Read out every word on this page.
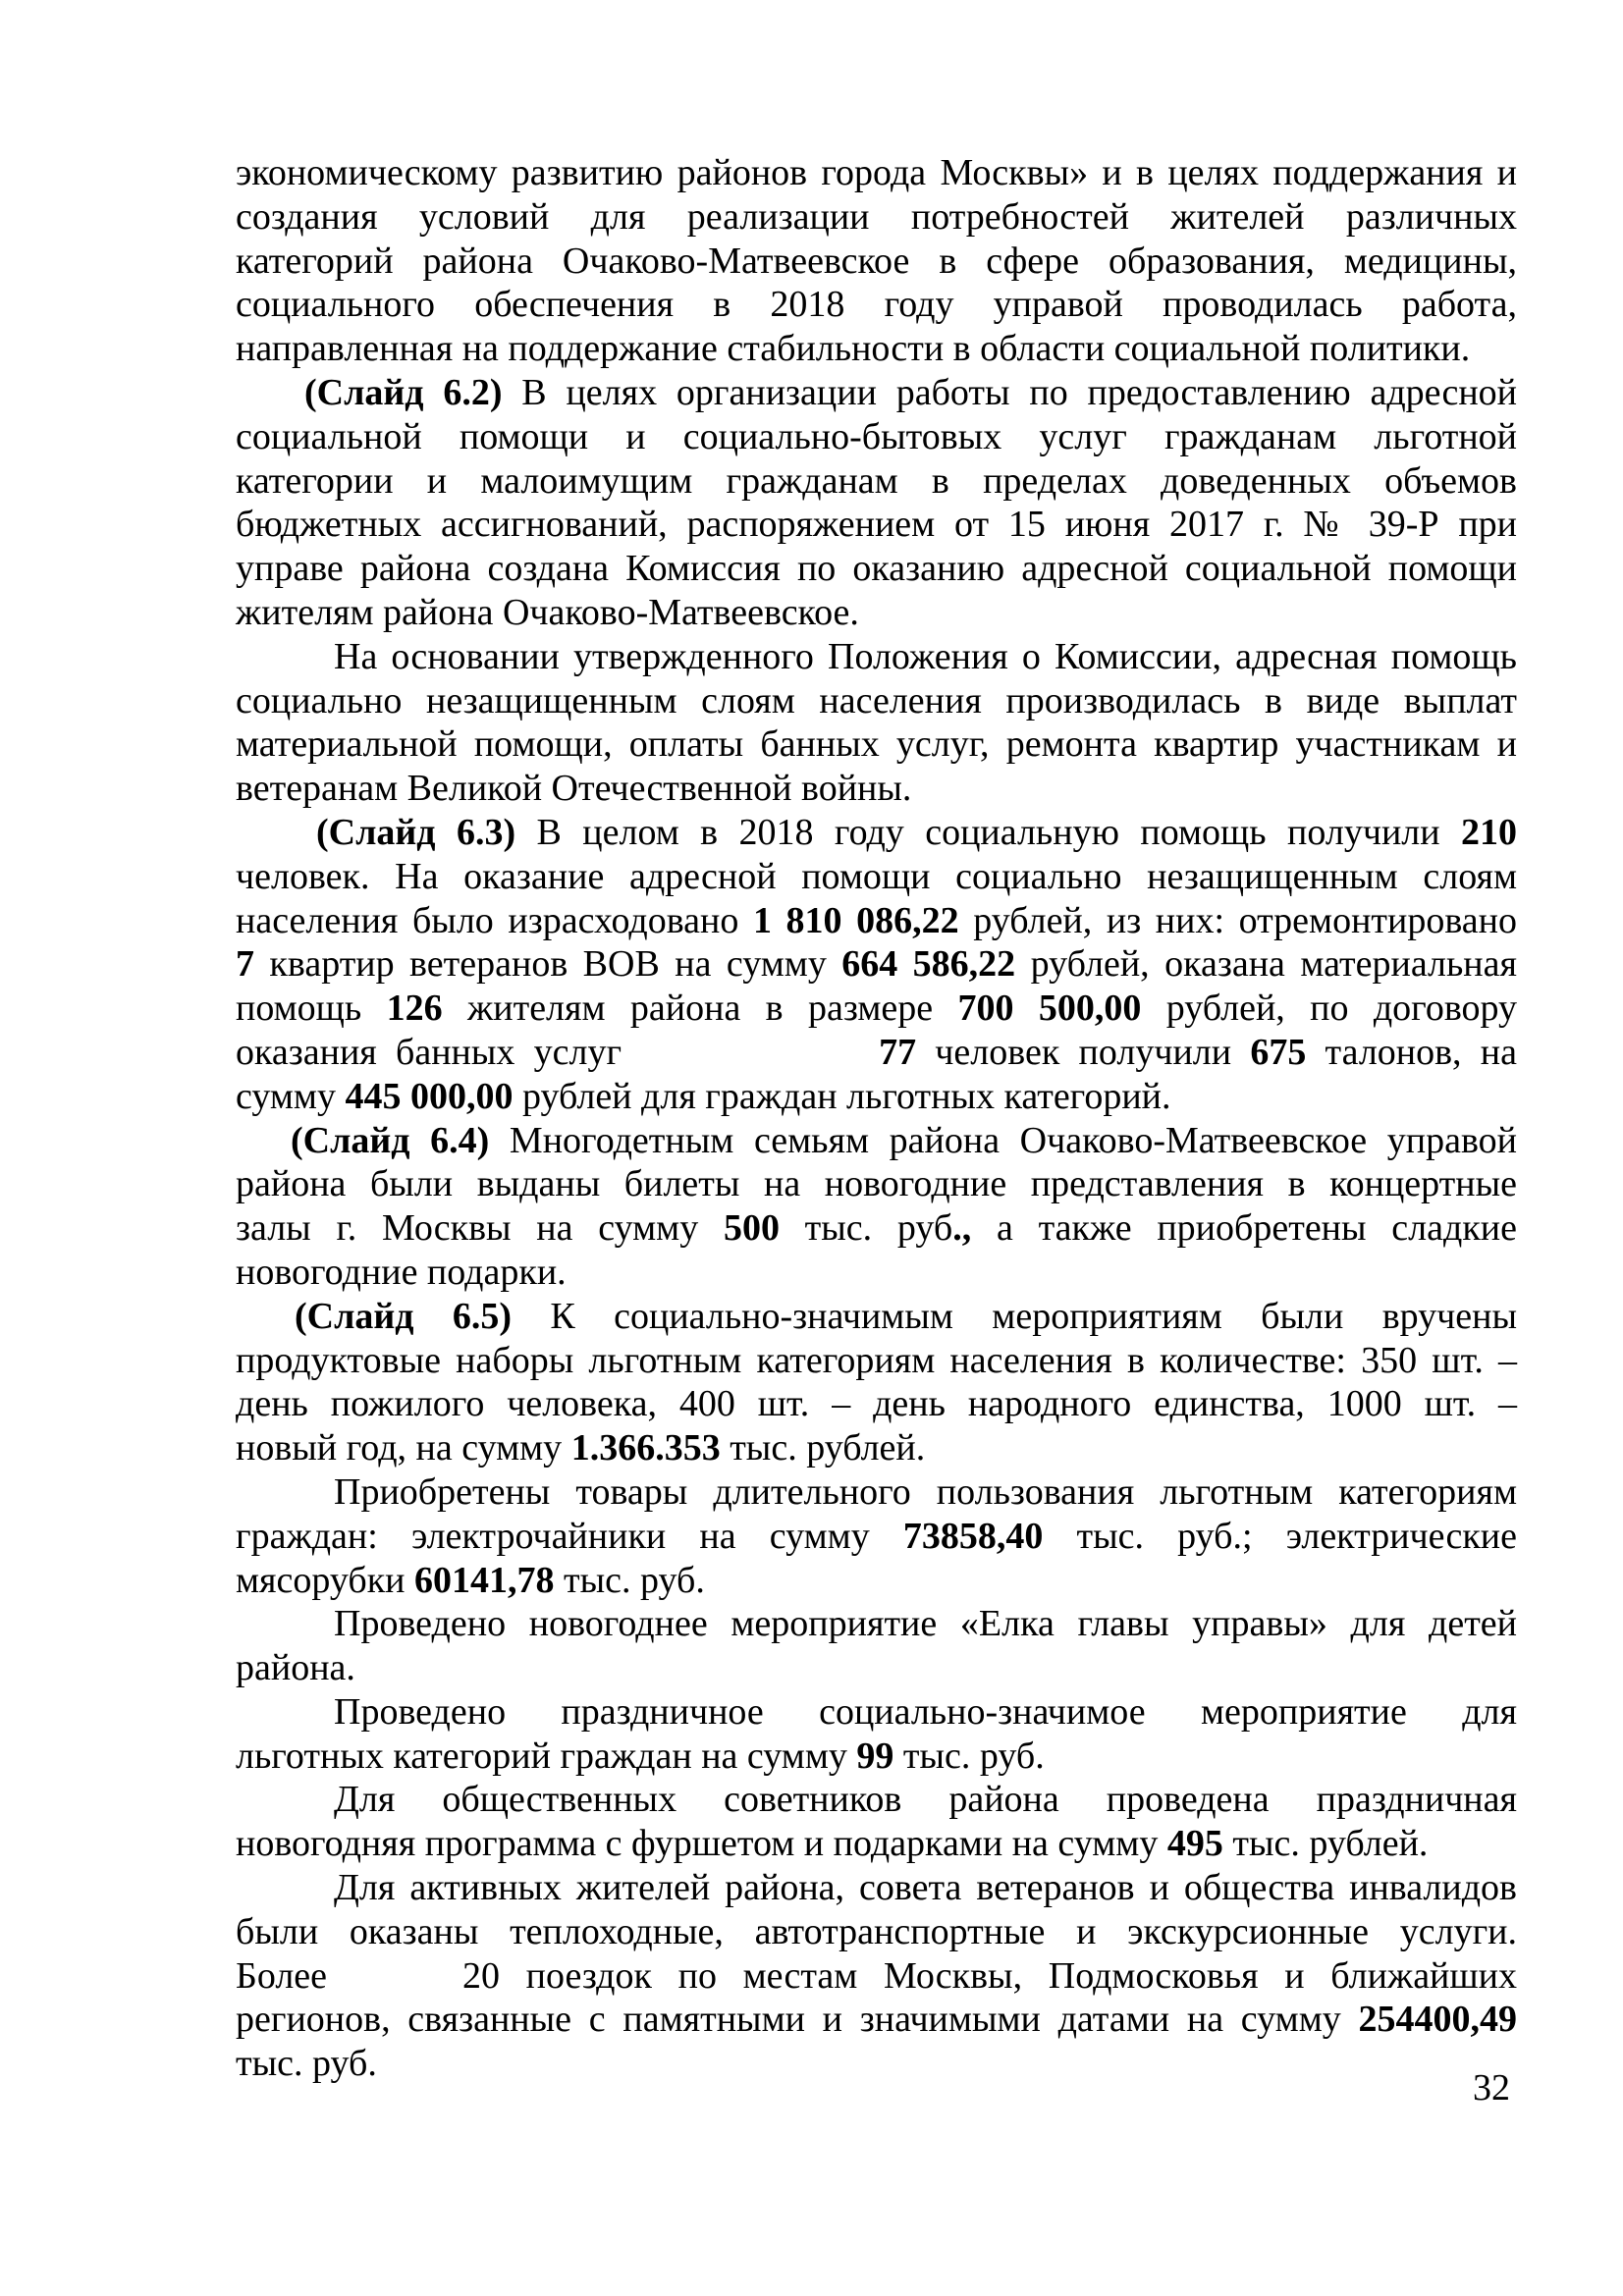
экономическому развитию районов города Москвы» и в целях поддержания и
создания условий для реализации потребностей жителей различных
категорий района Очаково-Матвеевское в сфере образования, медицины,
социального обеспечения в 2018 году управой проводилась работа,
направленная на поддержание стабильности в области социальной политики.
(Слайд 6.2) В целях организации работы по предоставлению адресной
социальной помощи и социально-бытовых услуг гражданам льготной
категории и малоимущим гражданам в пределах доведенных объемов
бюджетных ассигнований, распоряжением от 15 июня 2017 г. № 39-Р при
управе района создана Комиссия по оказанию адресной социальной помощи
жителям района Очаково-Матвеевское.
На основании утвержденного Положения о Комиссии, адресная помощь
социально незащищенным слоям населения производилась в виде выплат
материальной помощи, оплаты банных услуг, ремонта квартир участникам и
ветеранам Великой Отечественной войны.
(Слайд 6.3) В целом в 2018 году социальную помощь получили 210
человек. На оказание адресной помощи социально незащищенным слоям
населения было израсходовано 1 810 086,22 рублей, из них: отремонтировано
7 квартир ветеранов ВОВ на сумму 664 586,22 рублей, оказана материальная
помощь 126 жителям района в размере 700 500,00 рублей, по договору
оказания банных услуг	77 человек получили 675 талонов, на
сумму 445 000,00 рублей для граждан льготных категорий.
(Слайд 6.4) Многодетным семьям района Очаково-Матвеевское управой
района были выданы билеты на новогодние представления в концертные
залы г. Москвы на сумму 500 тыс. руб., а также приобретены сладкие
новогодние подарки.
(Слайд 6.5) К социально-значимым мероприятиям были вручены
продуктовые наборы льготным категориям населения в количестве: 350 шт. –
день пожилого человека, 400 шт. – день народного единства, 1000 шт. –
новый год, на сумму 1.366.353 тыс. рублей.
Приобретены товары длительного пользования льготным категориям
граждан: электрочайники на сумму 73858,40 тыс. руб.; электрические
мясорубки 60141,78 тыс. руб.
Проведено новогоднее мероприятие «Елка главы управы» для детей
района.
Проведено праздничное социально-значимое мероприятие для
льготных категорий граждан на сумму 99 тыс. руб.
Для общественных советников района проведена праздничная
новогодняя программа с фуршетом и подарками на сумму 495 тыс. рублей.
Для активных жителей района, совета ветеранов и общества инвалидов
были оказаны теплоходные, автотранспортные и экскурсионные услуги.
Более	20 поездок по местам Москвы, Подмосковья и ближайших
регионов, связанные с памятными и значимыми датами на сумму 254400,49
тыс. руб.
32
